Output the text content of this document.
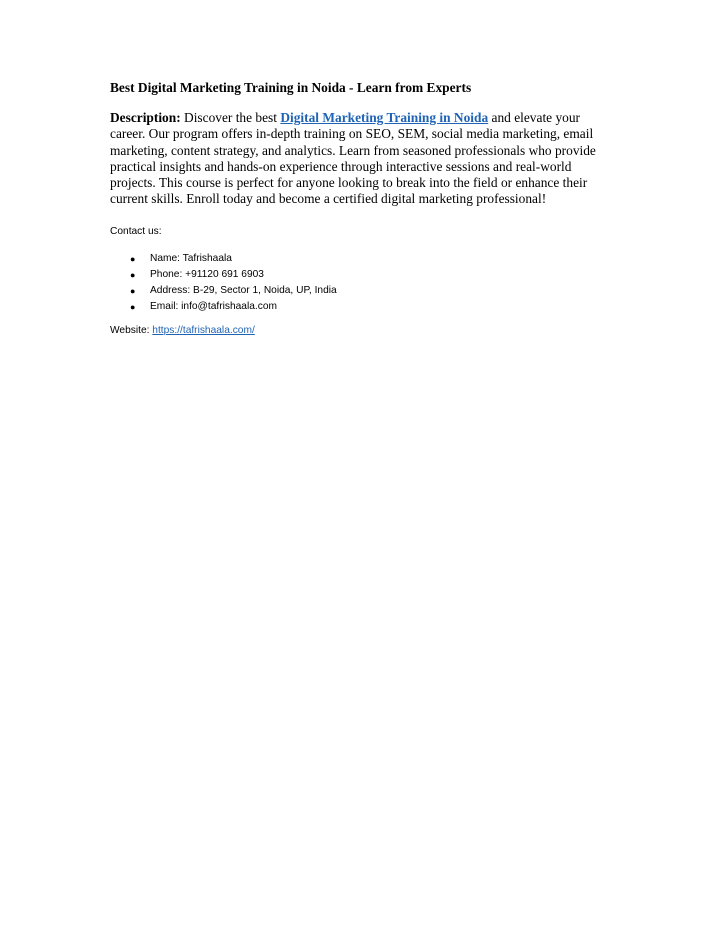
Best Digital Marketing Training in Noida - Learn from Experts

Description: Discover the best Digital Marketing Training in Noida and elevate your career. Our program offers in-depth training on SEO, SEM, social media marketing, email marketing, content strategy, and analytics. Learn from seasoned professionals who provide practical insights and hands-on experience through interactive sessions and real-world projects. This course is perfect for anyone looking to break into the field or enhance their current skills. Enroll today and become a certified digital marketing professional!

Contact us:

● Name: Tafrishaala
● Phone: +91120 691 6903
● Address: B-29, Sector 1, Noida, UP, India
● Email: info@tafrishaala.com

Website: https://tafrishaala.com/
